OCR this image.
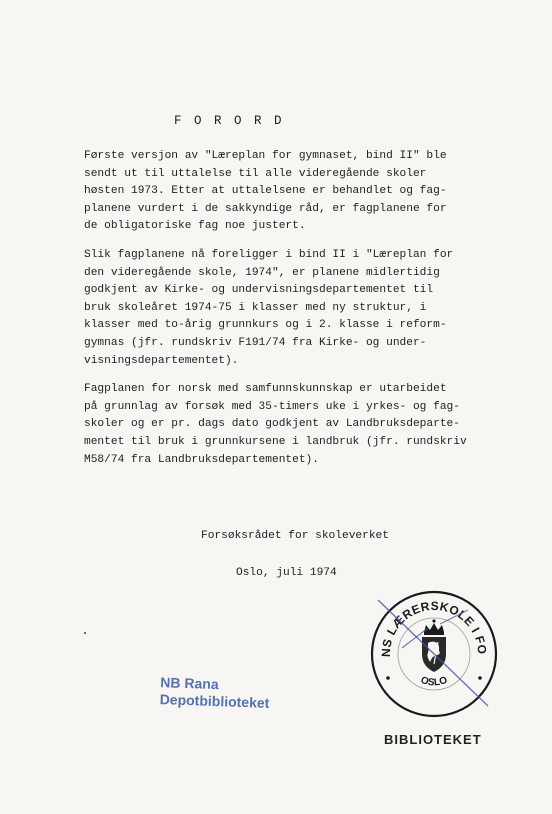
F O R O R D

Første versjon av "Læreplan for gymnaset, bind II" ble
sendt ut til uttalelse til alle videregående skoler
høsten 1973. Etter at uttalelsene er behandlet og fag-
planene vurdert i de sakkyndige råd, er fagplanene for
de obligatoriske fag noe justert.

Slik fagplanene nå foreligger i bind II i "Læreplan for
den videregående skole, 1974", er planene midlertidig
godkjent av Kirke- og undervisningsdepartementet til
bruk skoleåret 1974-75 i klasser med ny struktur, i
klasser med to-årig grunnkurs og i 2. klasse i reform-
gymnas (jfr. rundskriv F191/74 fra Kirke- og under-
visningsdepartementet).

Fagplanen for norsk med samfunnskunnskap er utarbeidet
på grunnlag av forsøk med 35-timers uke i yrkes- og fag-
skoler og er pr. dags dato godkjent av Landbruksdeparte-
mentet til bruk i grunnkursene i landbruk (jfr. rundskriv
M58/74 fra Landbruksdepartementet).

Forsøksrådet for skoleverket
Oslo, juli 1974
NB Rana
Depotbiblioteket
NS LÆRERSKOLE I FO
OSLO
BIBLIOTEKET
